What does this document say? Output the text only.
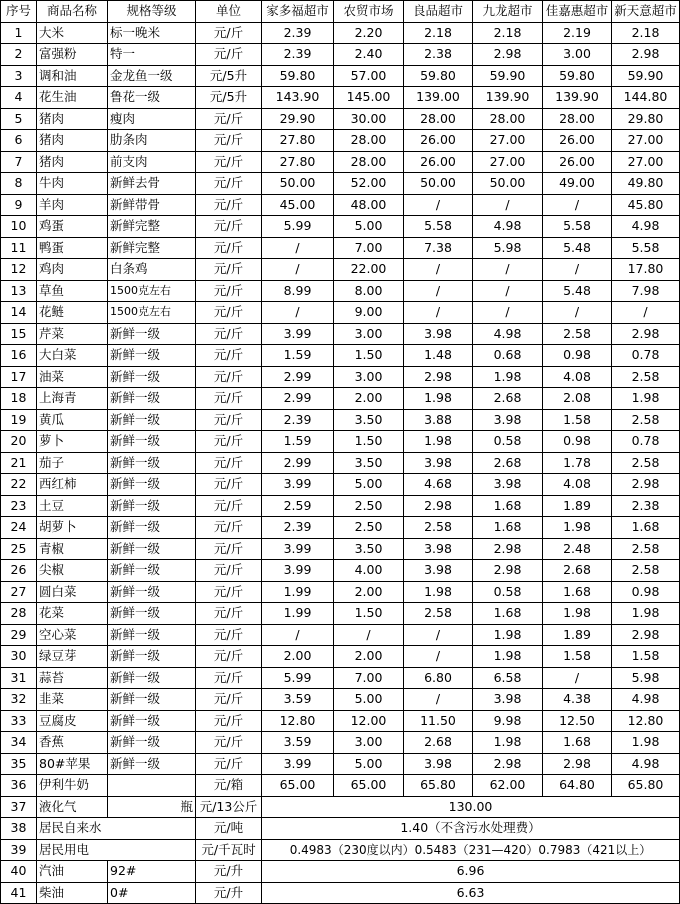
序号	商品名称	规格等级	单位	家多福超市	农贸市场	良品超市	九龙超市	佳嘉惠超市	新天意超市
1	大米	标一晚米	元/斤	2.39	2.20	2.18	2.18	2.19	2.18
2	富强粉	特一	元/斤	2.39	2.40	2.38	2.98	3.00	2.98
3	调和油	金龙鱼一级	元/5升	59.80	57.00	59.80	59.90	59.80	59.90
4	花生油	鲁花一级	元/5升	143.90	145.00	139.00	139.90	139.90	144.80
5	猪肉	瘦肉	元/斤	29.90	30.00	28.00	28.00	28.00	29.80
6	猪肉	肋条肉	元/斤	27.80	28.00	26.00	27.00	26.00	27.00
7	猪肉	前支肉	元/斤	27.80	28.00	26.00	27.00	26.00	27.00
8	牛肉	新鲜去骨	元/斤	50.00	52.00	50.00	50.00	49.00	49.80
9	羊肉	新鲜带骨	元/斤	45.00	48.00	/	/	/	45.80
10	鸡蛋	新鲜完整	元/斤	5.99	5.00	5.58	4.98	5.58	4.98
11	鸭蛋	新鲜完整	元/斤	/	7.00	7.38	5.98	5.48	5.58
12	鸡肉	白条鸡	元/斤	/	22.00	/	/	/	17.80
13	草鱼	1500克左右	元/斤	8.99	8.00	/	/	5.48	7.98
14	花鲢	1500克左右	元/斤	/	9.00	/	/	/	/
15	芹菜	新鲜一级	元/斤	3.99	3.00	3.98	4.98	2.58	2.98
16	大白菜	新鲜一级	元/斤	1.59	1.50	1.48	0.68	0.98	0.78
17	油菜	新鲜一级	元/斤	2.99	3.00	2.98	1.98	4.08	2.58
18	上海青	新鲜一级	元/斤	2.99	2.00	1.98	2.68	2.08	1.98
19	黄瓜	新鲜一级	元/斤	2.39	3.50	3.88	3.98	1.58	2.58
20	萝卜	新鲜一级	元/斤	1.59	1.50	1.98	0.58	0.98	0.78
21	茄子	新鲜一级	元/斤	2.99	3.50	3.98	2.68	1.78	2.58
22	西红柿	新鲜一级	元/斤	3.99	5.00	4.68	3.98	4.08	2.98
23	土豆	新鲜一级	元/斤	2.59	2.50	2.98	1.68	1.89	2.38
24	胡萝卜	新鲜一级	元/斤	2.39	2.50	2.58	1.68	1.98	1.68
25	青椒	新鲜一级	元/斤	3.99	3.50	3.98	2.98	2.48	2.58
26	尖椒	新鲜一级	元/斤	3.99	4.00	3.98	2.98	2.68	2.58
27	圆白菜	新鲜一级	元/斤	1.99	2.00	1.98	0.58	1.68	0.98
28	花菜	新鲜一级	元/斤	1.99	1.50	2.58	1.68	1.98	1.98
29	空心菜	新鲜一级	元/斤	/	/	/	1.98	1.89	2.98
30	绿豆芽	新鲜一级	元/斤	2.00	2.00	/	1.98	1.58	1.58
31	蒜苔	新鲜一级	元/斤	5.99	7.00	6.80	6.58	/	5.98
32	韭菜	新鲜一级	元/斤	3.59	5.00	/	3.98	4.38	4.98
33	豆腐皮	新鲜一级	元/斤	12.80	12.00	11.50	9.98	12.50	12.80
34	香蕉	新鲜一级	元/斤	3.59	3.00	2.68	1.98	1.68	1.98
35	80#苹果	新鲜一级	元/斤	3.99	5.00	3.98	2.98	2.98	4.98
36	伊利牛奶		元/箱	65.00	65.00	65.80	62.00	64.80	65.80
37	液化气	瓶	元/13公斤	130.00					
38	居民自来水		元/吨	1.40（不含污水处理费）					
39	居民用电		元/千瓦时	0.4983（230度以内）0.5483（231—420）0.7983（421以上）					
40	汽油	92#	元/升	6.96					
41	柴油	0#	元/升	6.63					
